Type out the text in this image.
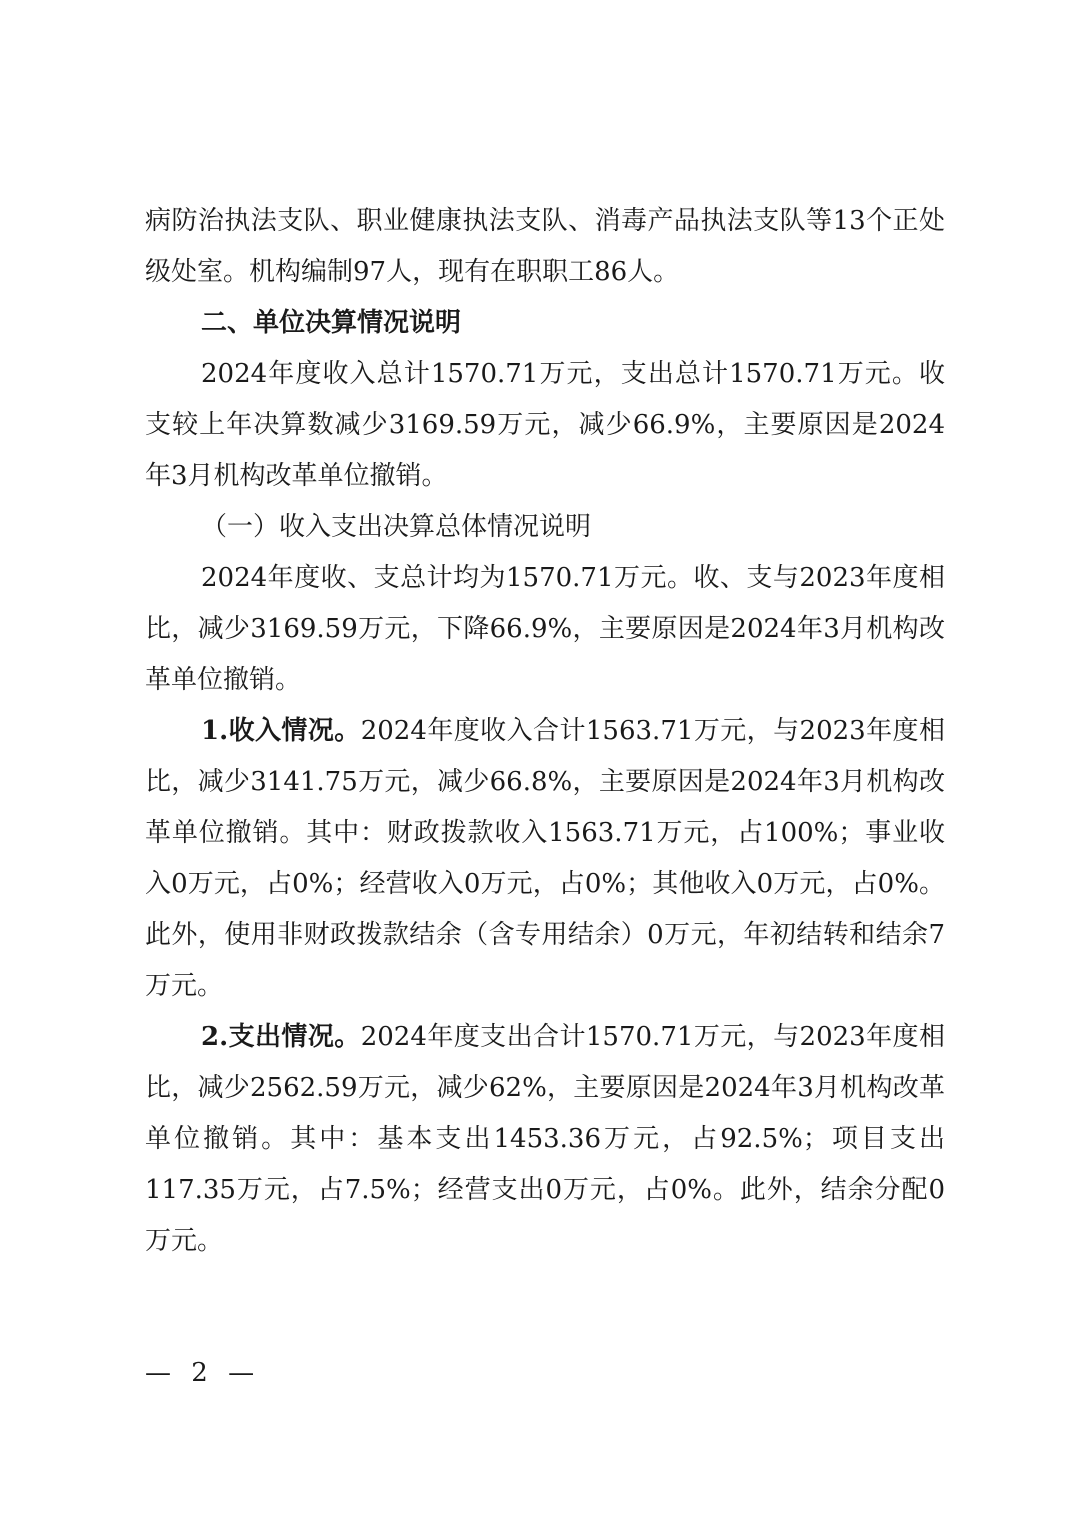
病防治执法支队、职业健康执法支队、消毒产品执法支队等13个正处级处室。机构编制97人，现有在职职工86人。

二、单位决算情况说明

2024年度收入总计1570.71万元，支出总计1570.71万元。收支较上年决算数减少3169.59万元，减少66.9%，主要原因是2024年3月机构改革单位撤销。

（一）收入支出决算总体情况说明

2024年度收、支总计均为1570.71万元。收、支与2023年度相比，减少3169.59万元，下降66.9%，主要原因是2024年3月机构改革单位撤销。

1.收入情况。2024年度收入合计1563.71万元，与2023年度相比，减少3141.75万元，减少66.8%，主要原因是2024年3月机构改革单位撤销。其中：财政拨款收入1563.71万元，占100%；事业收入0万元，占0%；经营收入0万元，占0%；其他收入0万元，占0%。此外，使用非财政拨款结余（含专用结余）0万元，年初结转和结余7万元。

2.支出情况。2024年度支出合计1570.71万元，与2023年度相比，减少2562.59万元，减少62%，主要原因是2024年3月机构改革单位撤销。其中：基本支出1453.36万元，占92.5%；项目支出117.35万元，占7.5%；经营支出0万元，占0%。此外，结余分配0万元。

— 2 —
